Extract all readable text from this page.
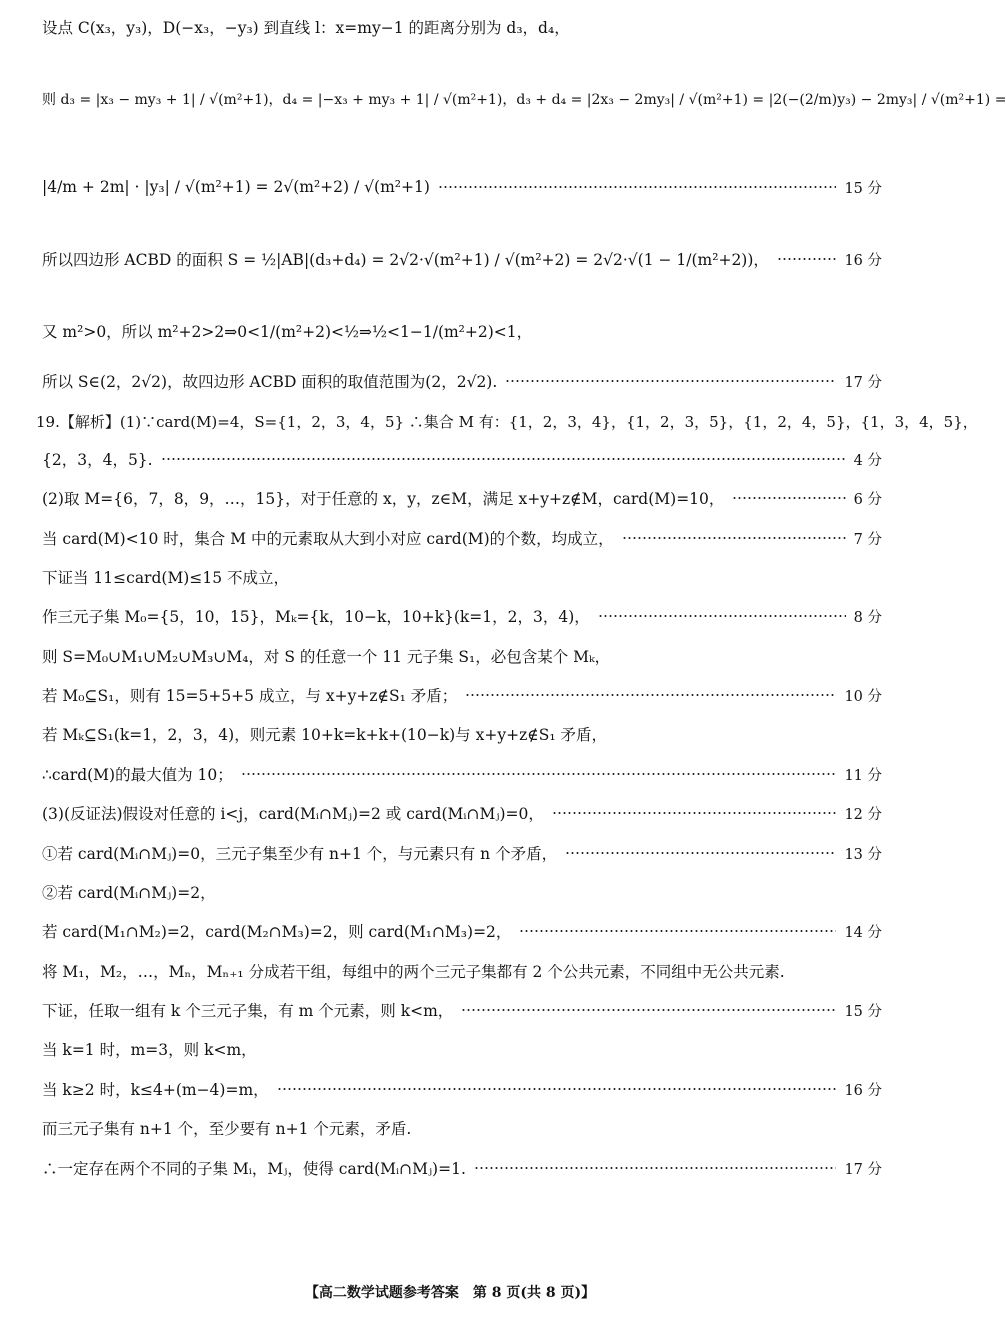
设点 C(x₃，y₃)，D(−x₃，−y₃) 到直线 l：x=my−1 的距离分别为 d₃，d₄，
则 d₃ = |x₃ − my₃ + 1| / √(m²+1)，d₄ = |−x₃ + my₃ + 1| / √(m²+1)，d₃ + d₄ = |2x₃ − 2my₃| / √(m²+1) = |2(−(2/m)y₃) − 2my₃| / √(m²+1) =
|4/m + 2m| · |y₃| / √(m²+1) = 2√(m²+2) / √(m²+1)	15 分
所以四边形 ACBD 的面积 S = ½|AB|(d₃+d₄) = 2√2·√(m²+1) / √(m²+2) = 2√2·√(1 − 1/(m²+2))，	16 分
又 m²>0，所以 m²+2>2⇒0<1/(m²+2)<½⇒½<1−1/(m²+2)<1，
所以 S∈(2，2√2)，故四边形 ACBD 面积的取值范围为(2，2√2).	17 分
19.【解析】(1)∵card(M)=4，S={1，2，3，4，5} ∴集合 M 有：{1，2，3，4}，{1，2，3，5}，{1，2，4，5}，{1，3，4，5}，
{2，3，4，5}.	4 分
(2)取 M={6，7，8，9，…，15}，对于任意的 x，y，z∈M，满足 x+y+z∉M，card(M)=10，	6 分
当 card(M)<10 时，集合 M 中的元素取从大到小对应 card(M)的个数，均成立，	7 分
下证当 11≤card(M)≤15 不成立，
作三元子集 M₀={5，10，15}，Mₖ={k，10−k，10+k}(k=1，2，3，4)，	8 分
则 S=M₀∪M₁∪M₂∪M₃∪M₄，对 S 的任意一个 11 元子集 S₁，必包含某个 Mₖ，
若 M₀⊆S₁，则有 15=5+5+5 成立，与 x+y+z∉S₁ 矛盾；	10 分
若 Mₖ⊆S₁(k=1，2，3，4)，则元素 10+k=k+k+(10−k)与 x+y+z∉S₁ 矛盾，
∴card(M)的最大值为 10；	11 分
(3)(反证法)假设对任意的 i<j，card(Mᵢ∩Mⱼ)=2 或 card(Mᵢ∩Mⱼ)=0，	12 分
①若 card(Mᵢ∩Mⱼ)=0，三元子集至少有 n+1 个，与元素只有 n 个矛盾，	13 分
②若 card(Mᵢ∩Mⱼ)=2，
若 card(M₁∩M₂)=2，card(M₂∩M₃)=2，则 card(M₁∩M₃)=2，	14 分
将 M₁，M₂，…，Mₙ，Mₙ₊₁ 分成若干组，每组中的两个三元子集都有 2 个公共元素，不同组中无公共元素.
下证，任取一组有 k 个三元子集，有 m 个元素，则 k<m，	15 分
当 k=1 时，m=3，则 k<m，
当 k≥2 时，k≤4+(m−4)=m，	16 分
而三元子集有 n+1 个，至少要有 n+1 个元素，矛盾.
∴一定存在两个不同的子集 Mᵢ，Mⱼ，使得 card(Mᵢ∩Mⱼ)=1.	17 分
【高二数学试题参考答案　第 8 页(共 8 页)】
